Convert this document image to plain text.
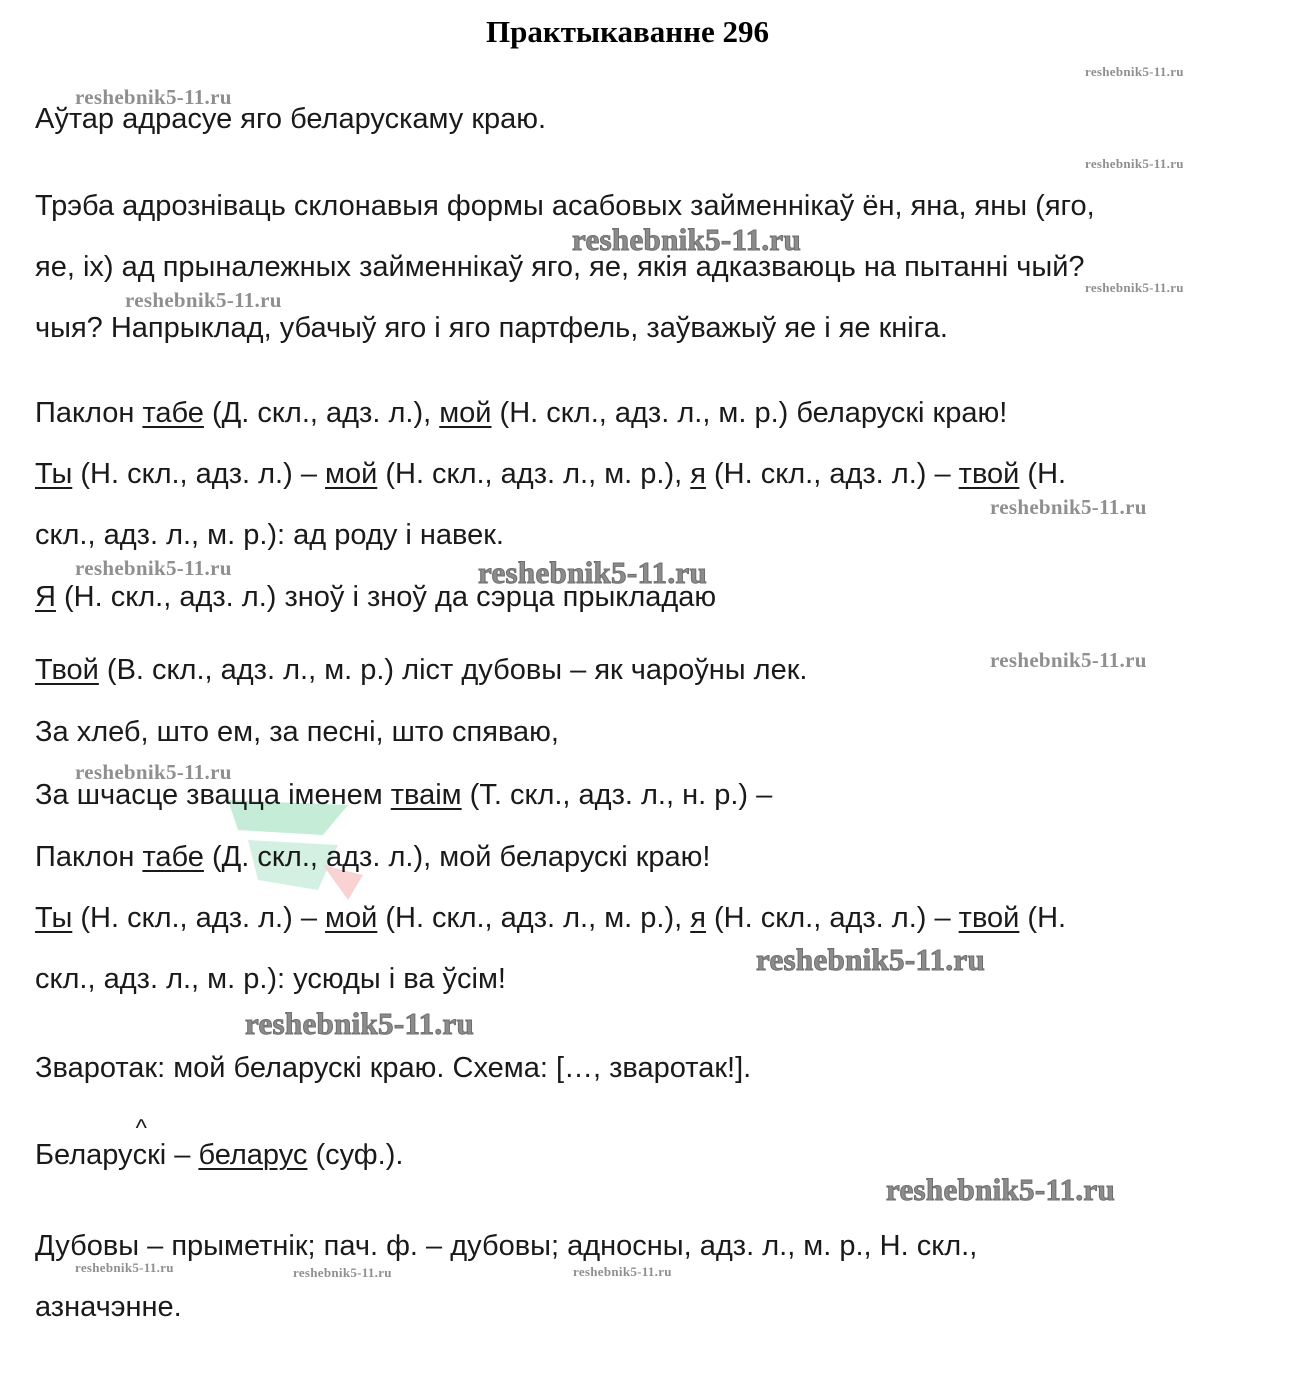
Практыкаванне 296
reshebnik5-11.ru
reshebnik5-11.ru
reshebnik5-11.ru
reshebnik5-11.ru
reshebnik5-11.ru
reshebnik5-11.ru
reshebnik5-11.ru
reshebnik5-11.ru	reshebnik5-11.ru
reshebnik5-11.ru
reshebnik5-11.ru
reshebnik5-11.ru
reshebnik5-11.ru
reshebnik5-11.ru
reshebnik5-11.ru	reshebnik5-11.ru	reshebnik5-11.ru
Аўтар адрасуе яго беларускаму краю.
Трэба адрозніваць склонавыя формы асабовых займеннікаў ён, яна, яны (яго,
яе, іх) ад прыналежных займеннікаў яго, яе, якія адказваюць на пытанні чый?
чыя? Напрыклад, убачыў яго і яго партфель, заўважыў яе і яе кніга.
Паклон табе (Д. скл., адз. л.), мой (Н. скл., адз. л., м. р.) беларускі краю!
Ты (Н. скл., адз. л.) – мой (Н. скл., адз. л., м. р.), я (Н. скл., адз. л.) – твой (Н.
скл., адз. л., м. р.): ад роду і навек.
Я (Н. скл., адз. л.) зноў і зноў да сэрца прыкладаю
Твой (В. скл., адз. л., м. р.) ліст дубовы – як чароўны лек.
За хлеб, што ем, за песні, што спяваю,
За шчасце звацца іменем тваім (Т. скл., адз. л., н. р.) –
Паклон табе (Д. скл., адз. л.), мой беларускі краю!
Ты (Н. скл., адз. л.) – мой (Н. скл., адз. л., м. р.), я (Н. скл., адз. л.) – твой (Н.
скл., адз. л., м. р.): усюды і ва ўсім!
Зваротак: мой беларускі краю. Схема: […, зваротак!].
Белару
^
скі – беларус (суф.).
Дубовы – прыметнік; пач. ф. – дубовы; адносны, адз. л., м. р., Н. скл.,
азначэнне.
